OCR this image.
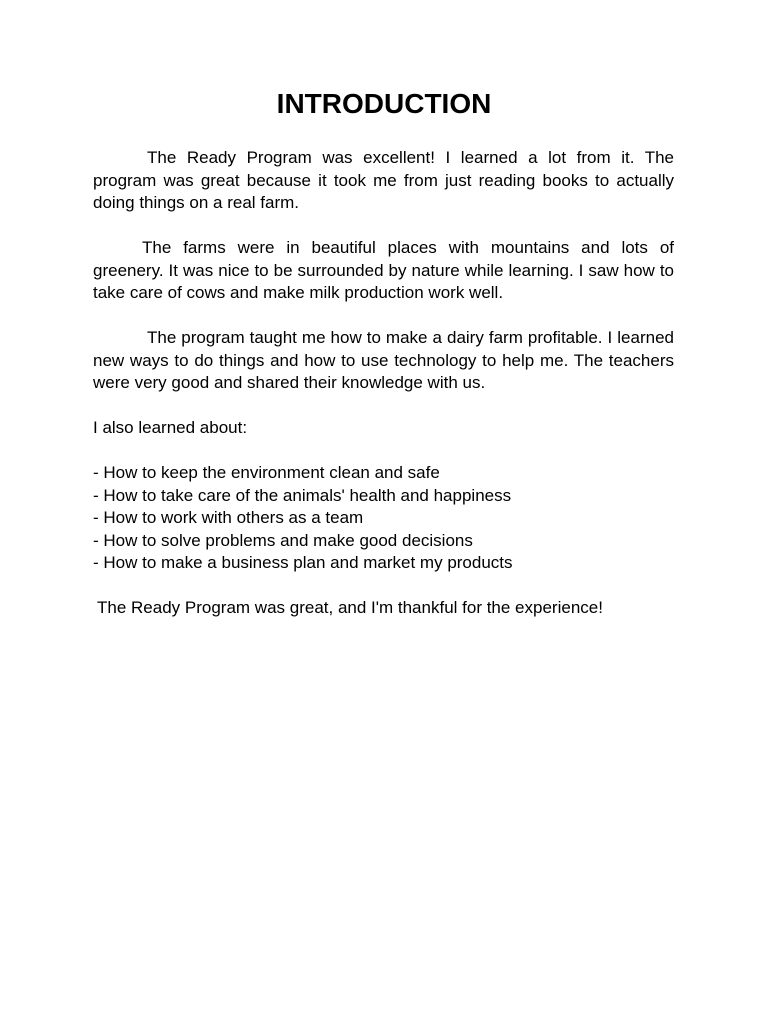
INTRODUCTION

The Ready Program was excellent! I learned a lot from it. The program was great because it took me from just reading books to actually doing things on a real farm.

The farms were in beautiful places with mountains and lots of greenery. It was nice to be surrounded by nature while learning. I saw how to take care of cows and make milk production work well.

The program taught me how to make a dairy farm profitable. I learned new ways to do things and how to use technology to help me. The teachers were very good and shared their knowledge with us.

I also learned about:

- How to keep the environment clean and safe
- How to take care of the animals' health and happiness
- How to work with others as a team
- How to solve problems and make good decisions
- How to make a business plan and market my products

The Ready Program was great, and I'm thankful for the experience!
